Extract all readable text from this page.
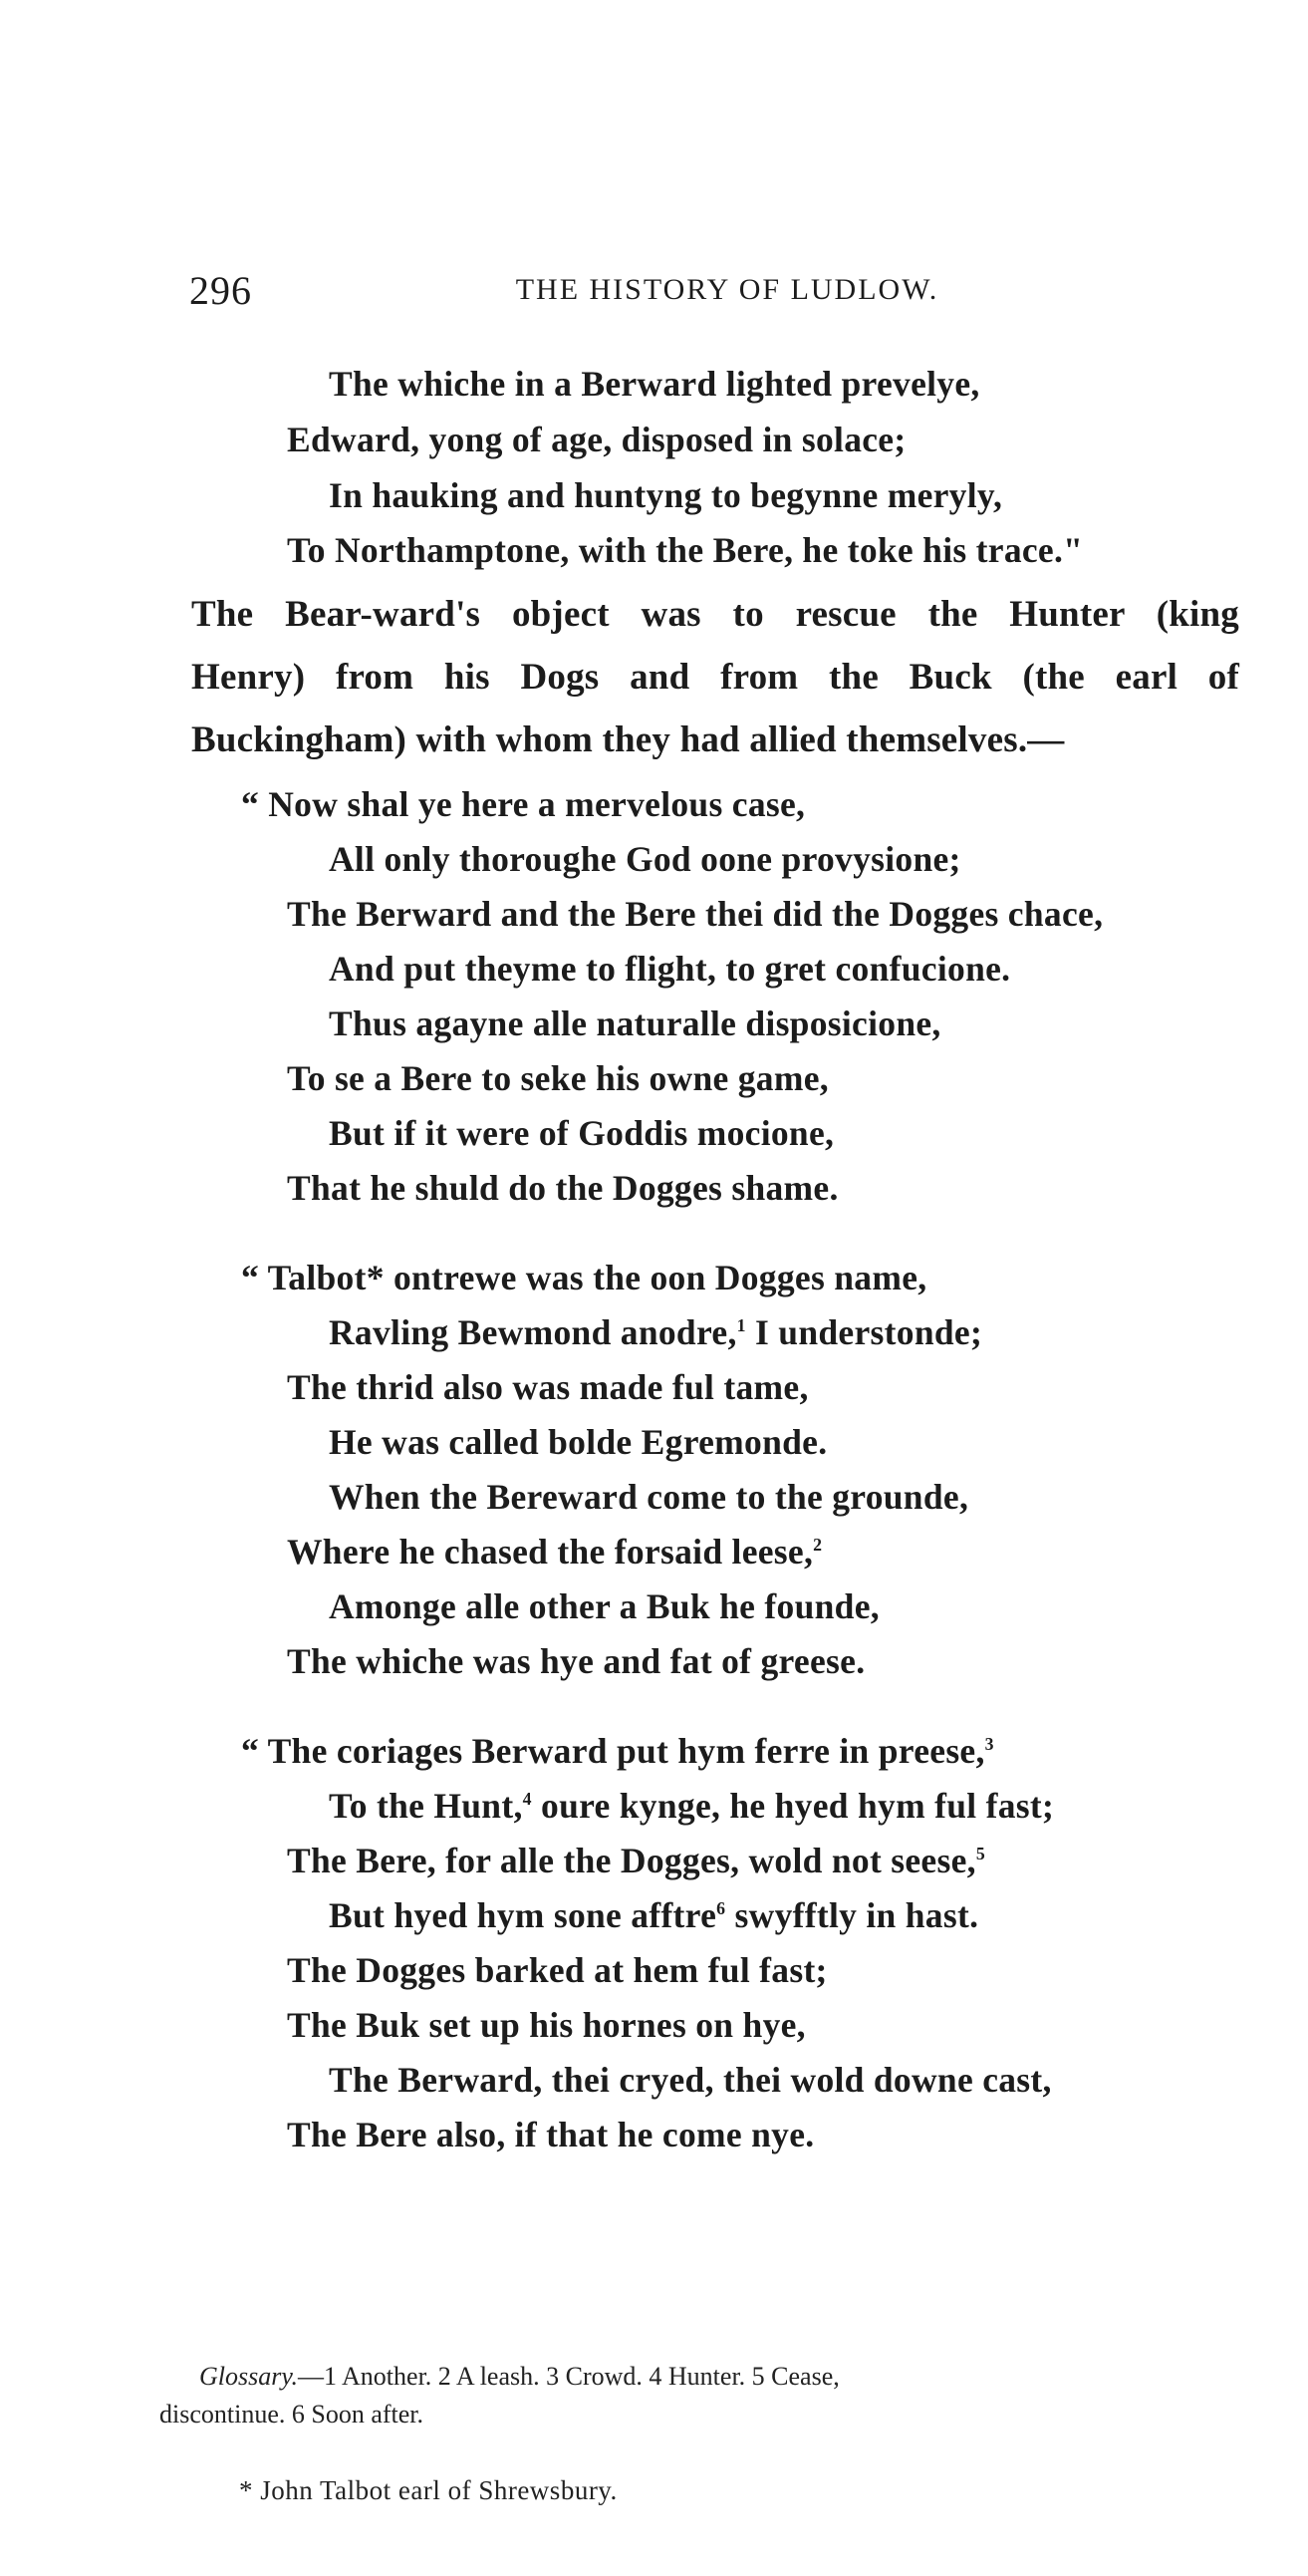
296	THE HISTORY OF LUDLOW.
The whiche in a Berward lighted prevelye,
Edward, yong of age, disposed in solace;
In hauking and huntyng to begynne meryly,
To Northamptone, with the Bere, he toke his trace."
The Bear-ward's object was to rescue the Hunter (king
Henry) from his Dogs and from the Buck (the earl of
Buckingham) with whom they had allied themselves.—
“ Now shal ye here a mervelous case,
All only thoroughe God oone provysione;
The Berward and the Bere thei did the Dogges chace,
And put theyme to flight, to gret confucione.
Thus agayne alle naturalle disposicione,
To se a Bere to seke his owne game,
But if it were of Goddis mocione,
That he shuld do the Dogges shame.
“ Talbot* ontrewe was the oon Dogges name,
Ravling Bewmond anodre,$^1$ I understonde;
The thrid also was made ful tame,
He was called bolde Egremonde.
When the Bereward come to the grounde,
Where he chased the forsaid leese,$^2$
Amonge alle other a Buk he founde,
The whiche was hye and fat of greese.
“ The coriages Berward put hym ferre in preese,$^3$
To the Hunt,$^4$ oure kynge, he hyed hym ful fast;
The Bere, for alle the Dogges, wold not seese,$^5$
But hyed hym sone afftre$^6$ swyfftly in hast.
The Dogges barked at hem ful fast;
The Buk set up his hornes on hye,
The Berward, thei cryed, thei wold downe cast,
The Bere also, if that he come nye.
Glossary.—1 Another. 2 A leash. 3 Crowd. 4 Hunter. 5 Cease,
discontinue. 6 Soon after.
* John Talbot earl of Shrewsbury.
